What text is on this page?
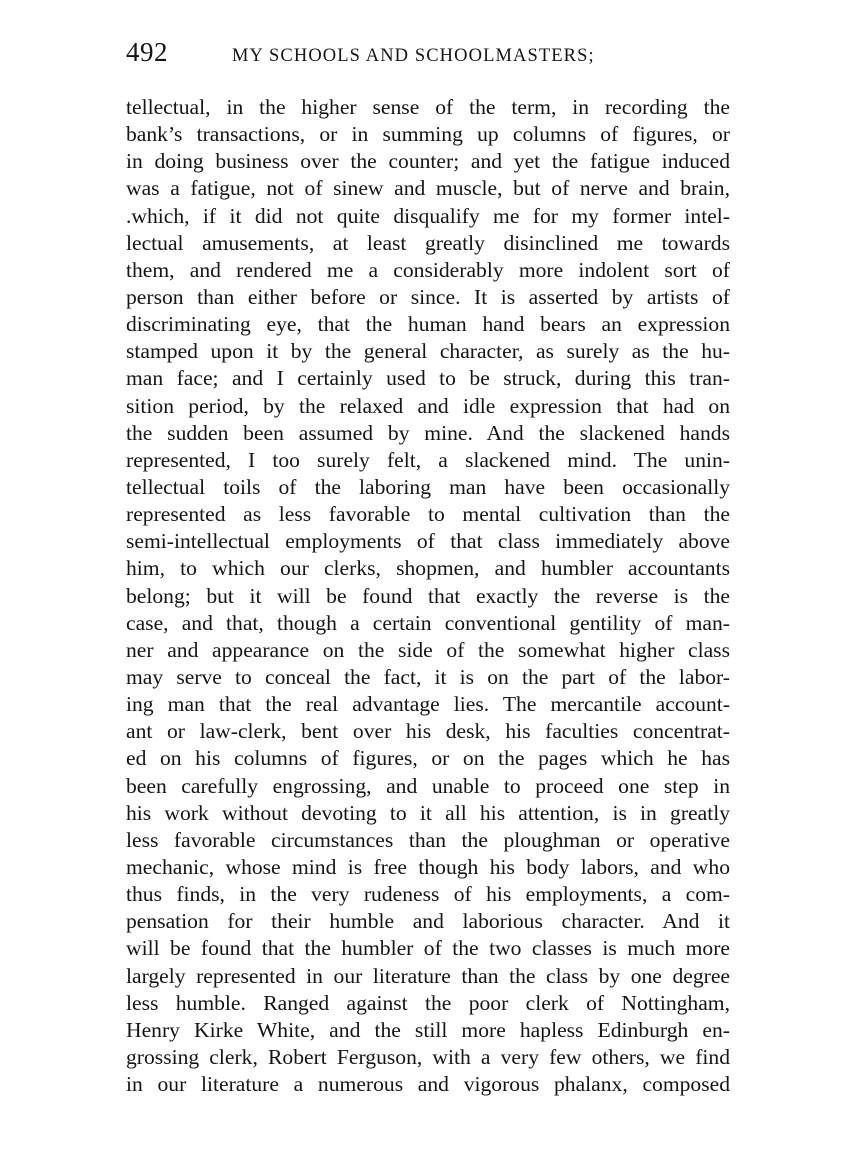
492	MY SCHOOLS AND SCHOOLMASTERS;
tellectual, in the higher sense of the term, in recording the
bank’s transactions, or in summing up columns of figures, or
in doing business over the counter; and yet the fatigue induced
was a fatigue, not of sinew and muscle, but of nerve and brain,
.which, if it did not quite disqualify me for my former intel-
lectual amusements, at least greatly disinclined me towards
them, and rendered me a considerably more indolent sort of
person than either before or since. It is asserted by artists of
discriminating eye, that the human hand bears an expression
stamped upon it by the general character, as surely as the hu-
man face; and I certainly used to be struck, during this tran-
sition period, by the relaxed and idle expression that had on
the sudden been assumed by mine. And the slackened hands
represented, I too surely felt, a slackened mind. The unin-
tellectual toils of the laboring man have been occasionally
represented as less favorable to mental cultivation than the
semi-intellectual employments of that class immediately above
him, to which our clerks, shopmen, and humbler accountants
belong; but it will be found that exactly the reverse is the
case, and that, though a certain conventional gentility of man-
ner and appearance on the side of the somewhat higher class
may serve to conceal the fact, it is on the part of the labor-
ing man that the real advantage lies. The mercantile account-
ant or law-clerk, bent over his desk, his faculties concentrat-
ed on his columns of figures, or on the pages which he has
been carefully engrossing, and unable to proceed one step in
his work without devoting to it all his attention, is in greatly
less favorable circumstances than the ploughman or operative
mechanic, whose mind is free though his body labors, and who
thus finds, in the very rudeness of his employments, a com-
pensation for their humble and laborious character. And it
will be found that the humbler of the two classes is much more
largely represented in our literature than the class by one degree
less humble. Ranged against the poor clerk of Nottingham,
Henry Kirke White, and the still more hapless Edinburgh en-
grossing clerk, Robert Ferguson, with a very few others, we find
in our literature a numerous and vigorous phalanx, composed
